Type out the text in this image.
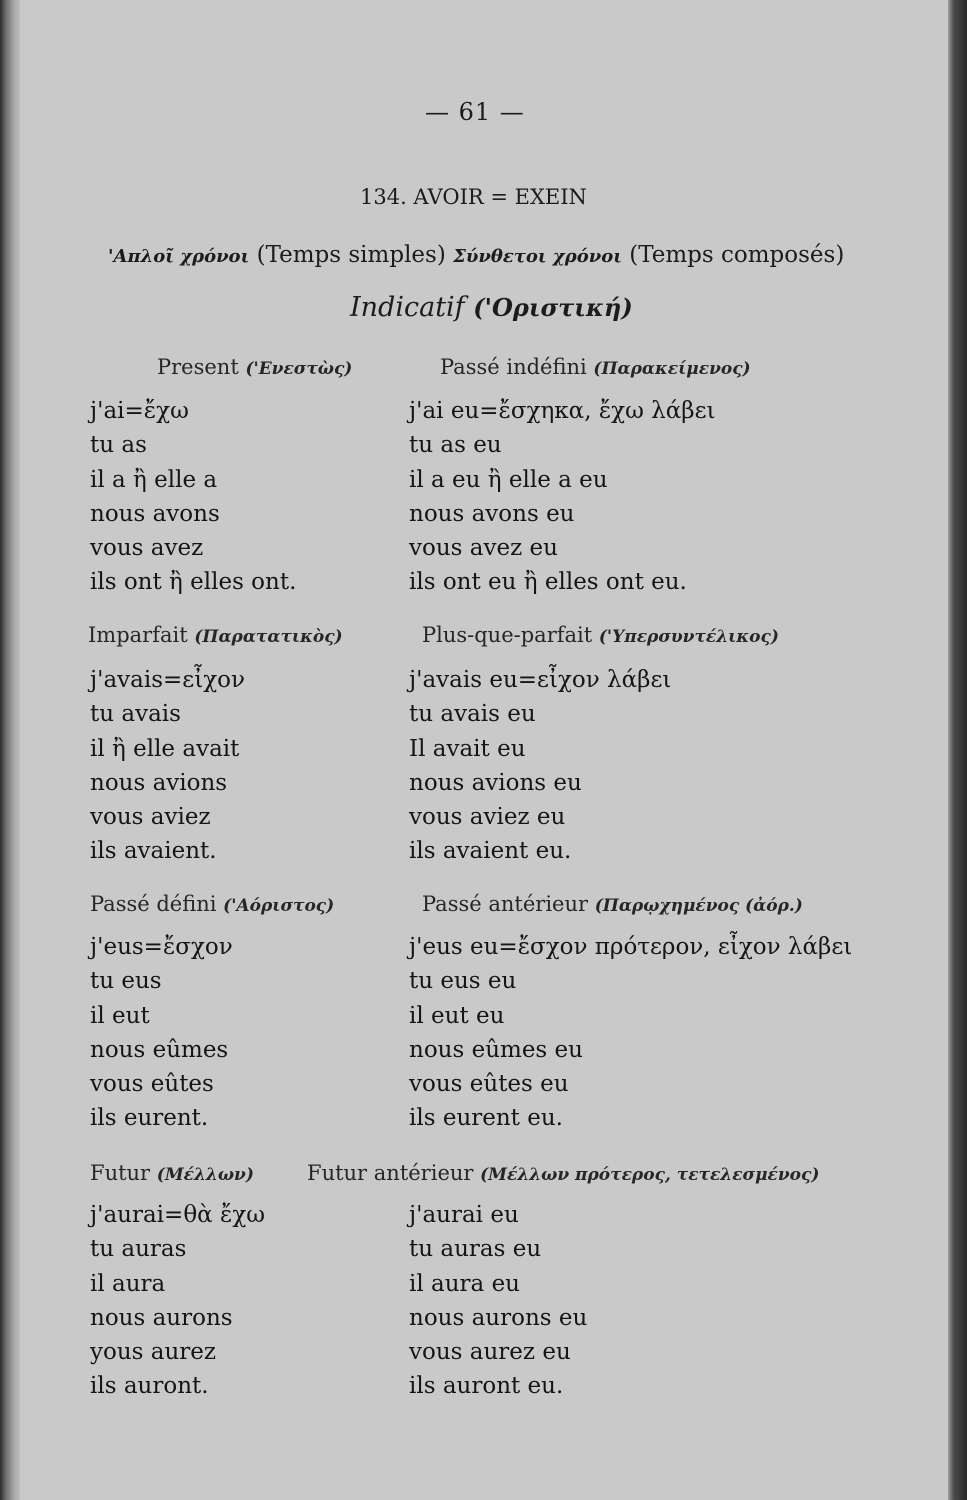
— 61 —
134. AVOIR = EXEIN
'Απλοῖ χρόνοι (Temps simples) Σύνθετοι χρόνοι (Temps composés)
Indicatif ('Οριστική)
Present ('Ενεστὼς)
j'ai=ἔχω
tu as
il a ἢ elle a
nous avons
vous avez
ils ont ἢ elles ont.
Passé indéfini (Παρακείμενος)
j'ai eu=ἔσχηκα, ἔχω λάβει
tu as eu
il a eu ἢ elle a eu
nous avons eu
vous avez eu
ils ont eu ἢ elles ont eu.
Imparfait (Παρατατικὸς)
j'avais=εἶχον
tu avais
il ἢ elle avait
nous avions
vous aviez
ils avaient.
Plus-que-parfait ('Υπερσυντέλικος)
j'avais eu=εἶχον λάβει
tu avais eu
Il avait eu
nous avions eu
vous aviez eu
ils avaient eu.
Passé défini ('Αόριστος)
j'eus=ἔσχον
tu eus
il eut
nous eûmes
vous eûtes
ils eurent.
Passé antérieur (Παρῳχημένος (ἀόρ.)
j'eus eu=ἔσχον πρότερον, εἶχον λάβει
tu eus eu
il eut eu
nous eûmes eu
vous eûtes eu
ils eurent eu.
Futur (Μέλλων)
j'aurai=θὰ ἔχω
tu auras
il aura
nous aurons
yous aurez
ils auront.
Futur antérieur (Μέλλων πρότερος, τετελεσμένος)
j'aurai eu
tu auras eu
il aura eu
nous aurons eu
vous aurez eu
ils auront eu.
